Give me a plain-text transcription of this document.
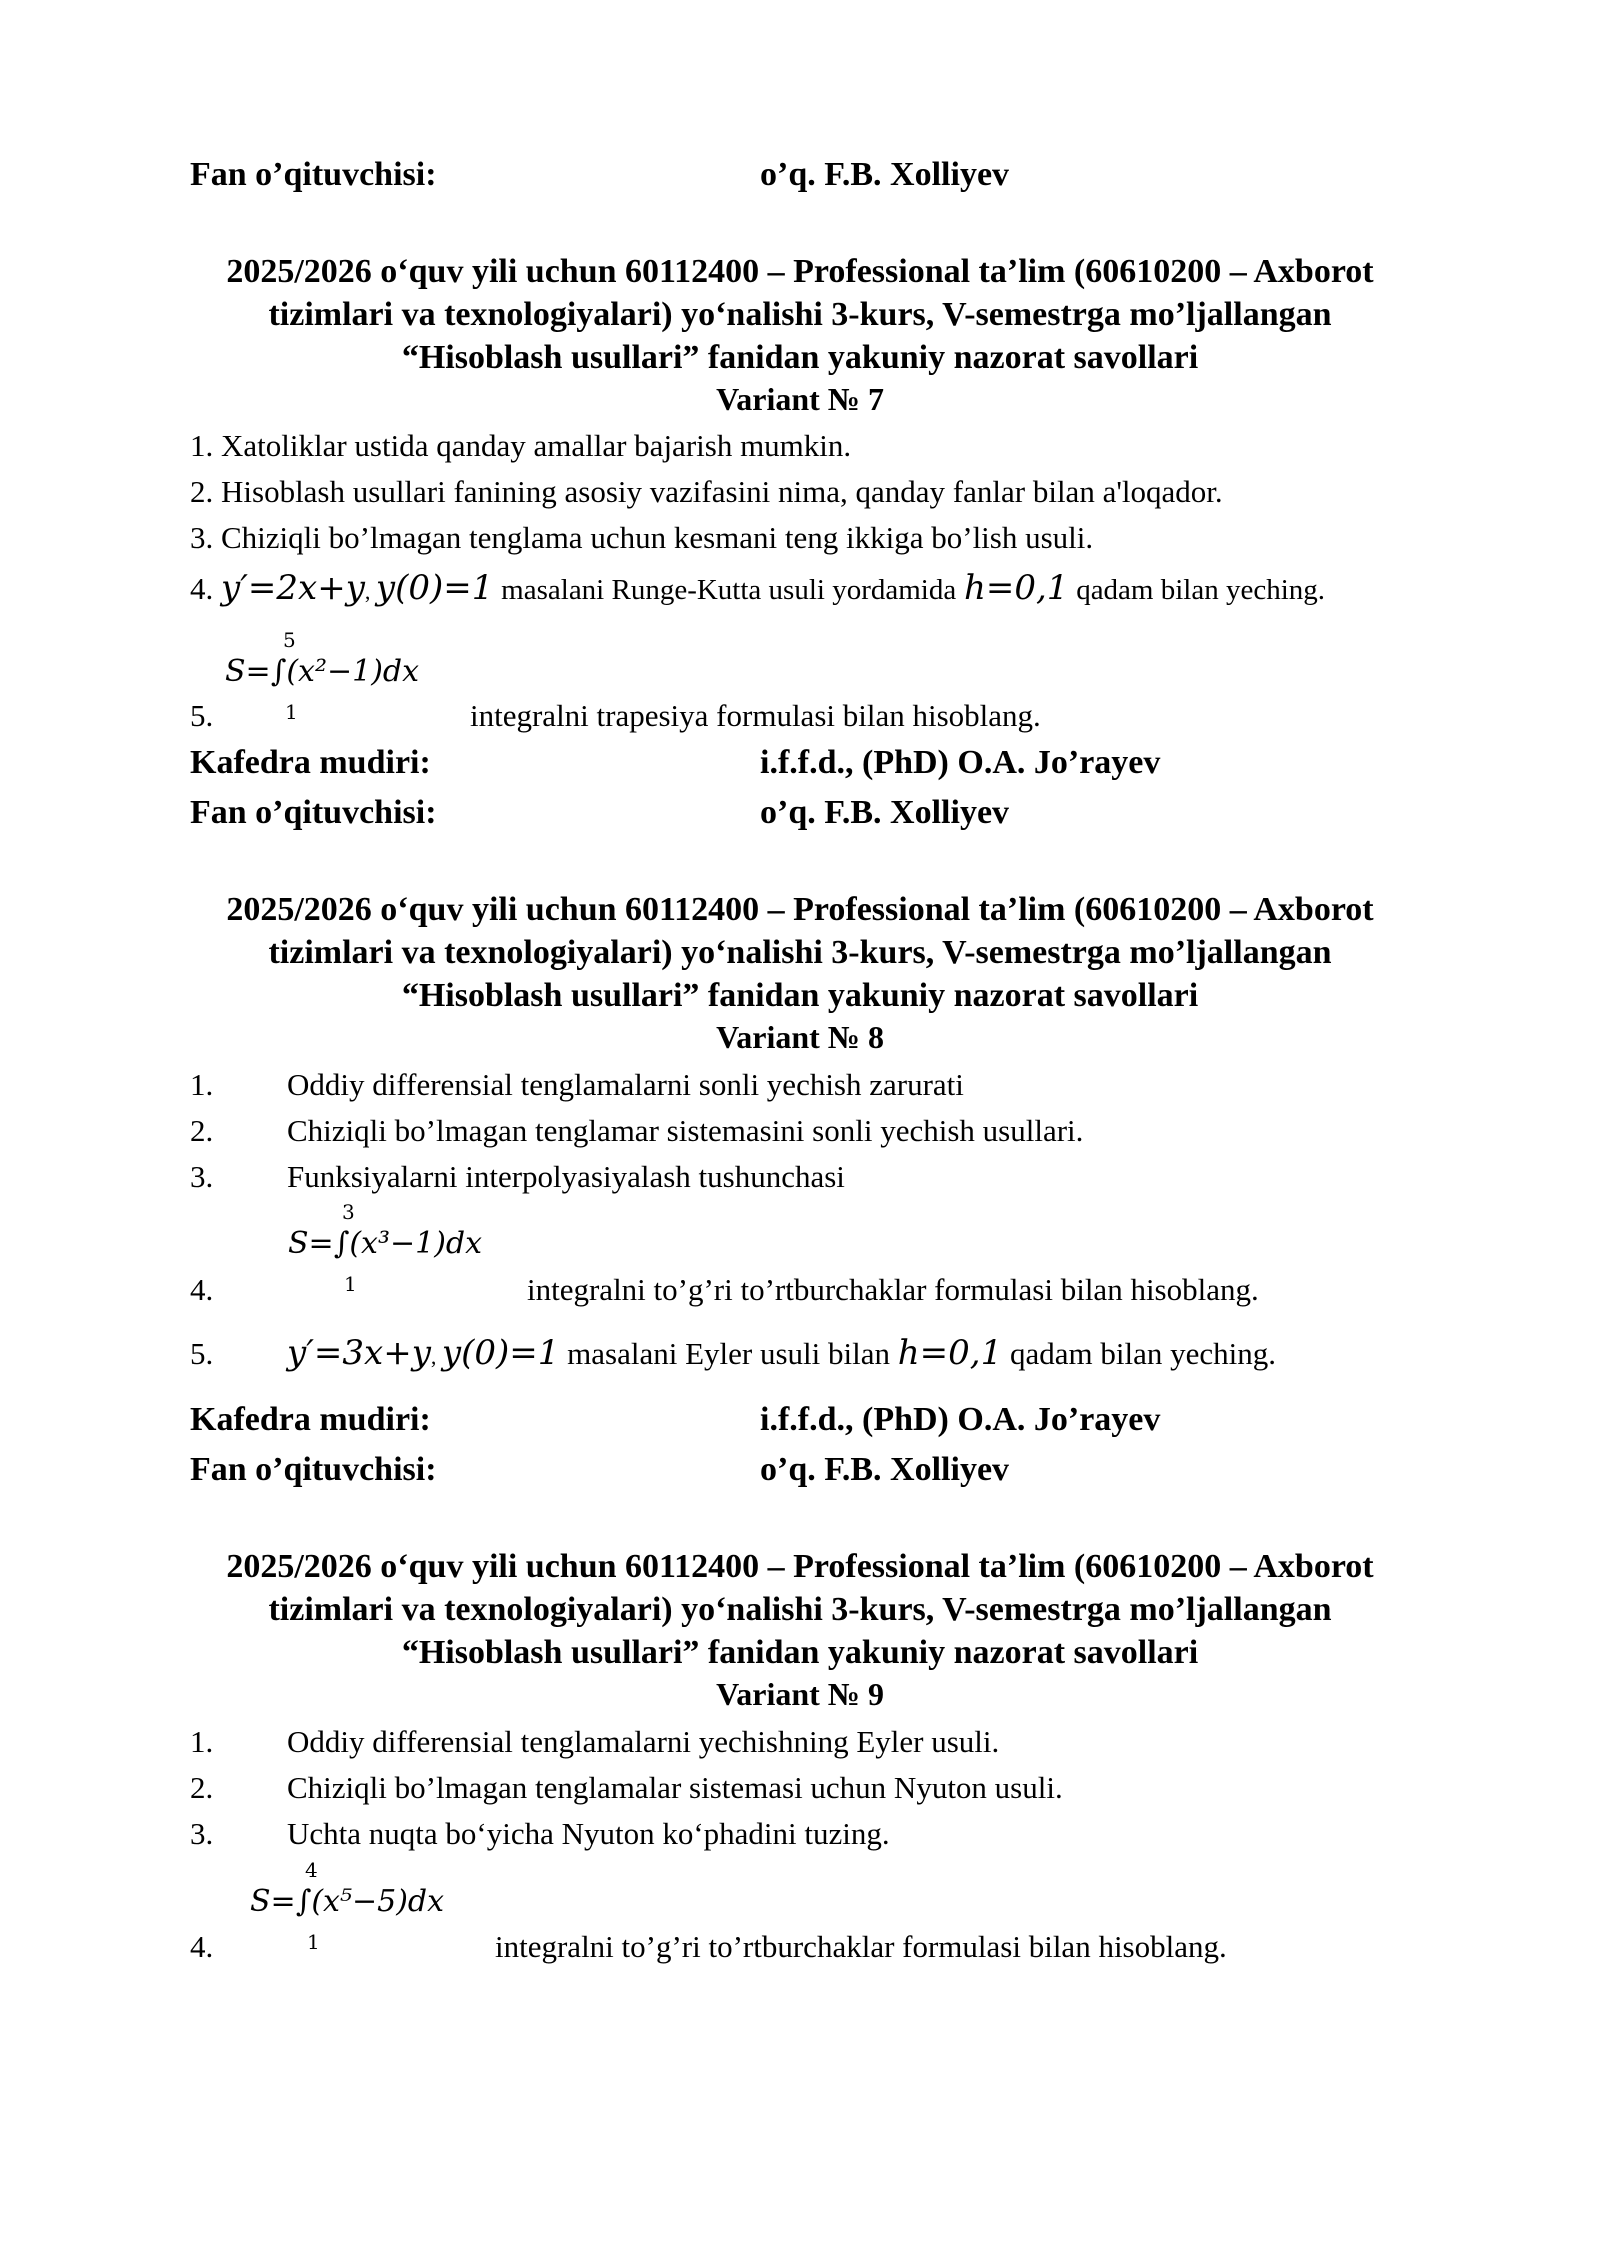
Fan o’qituvchisi:	o’q. F.B. Xolliyev
2025/2026 o‘quv yili uchun 60112400 – Professional ta’lim (60610200 – Axborot
tizimlari va texnologiyalari) yo‘nalishi 3-kurs, V-semestrga mo’ljallangan
“Hisoblash usullari” fanidan yakuniy nazorat savollari
Variant № 7
1. Xatoliklar ustida qanday amallar bajarish mumkin.
2. Hisoblash usullari fanining asosiy vazifasini nima, qanday fanlar bilan a'loqador.
3. Chiziqli bo’lmagan tenglama uchun kesmani teng ikkiga bo’lish usuli.
4. y′=2x+y, y(0)=1 masalani Runge-Kutta usuli yordamida h=0,1 qadam bilan yeching.
5
S=∫(x²−1)dx
1
5.	integralni trapesiya formulasi bilan hisoblang.
Kafedra mudiri:	i.f.f.d., (PhD) O.A. Jo’rayev
Fan o’qituvchisi:	o’q. F.B. Xolliyev
2025/2026 o‘quv yili uchun 60112400 – Professional ta’lim (60610200 – Axborot
tizimlari va texnologiyalari) yo‘nalishi 3-kurs, V-semestrga mo’ljallangan
“Hisoblash usullari” fanidan yakuniy nazorat savollari
Variant № 8
1. Oddiy differensial tenglamalarni sonli yechish zarurati
2. Chiziqli bo’lmagan tenglamar sistemasini sonli yechish usullari.
3. Funksiyalarni interpolyasiyalash tushunchasi
3
S=∫(x³−1)dx
1
4.	integralni to’g’ri to’rtburchaklar formulasi bilan hisoblang.
5. y′=3x+y, y(0)=1 masalani Eyler usuli bilan h=0,1 qadam bilan yeching.
Kafedra mudiri:	i.f.f.d., (PhD) O.A. Jo’rayev
Fan o’qituvchisi:	o’q. F.B. Xolliyev
2025/2026 o‘quv yili uchun 60112400 – Professional ta’lim (60610200 – Axborot
tizimlari va texnologiyalari) yo‘nalishi 3-kurs, V-semestrga mo’ljallangan
“Hisoblash usullari” fanidan yakuniy nazorat savollari
Variant № 9
1. Oddiy differensial tenglamalarni yechishning Eyler usuli.
2. Chiziqli bo’lmagan tenglamalar sistemasi uchun Nyuton usuli.
3. Uchta nuqta bo‘yicha Nyuton ko‘phadini tuzing.
4
S=∫(x⁵−5)dx
1
4.	integralni to’g’ri to’rtburchaklar formulasi bilan hisoblang.
